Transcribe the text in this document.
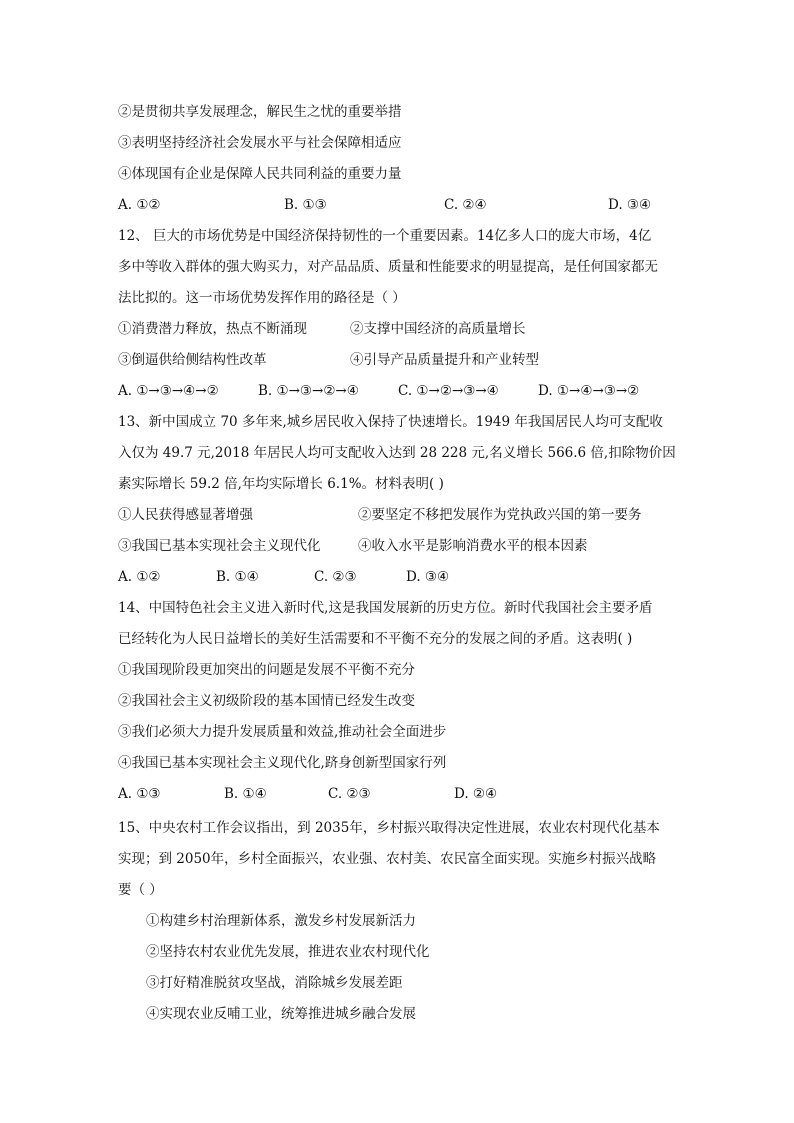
②是贯彻共享发展理念，解民生之忧的重要举措
③表明坚持经济社会发展水平与社会保障相适应
④体现国有企业是保障人民共同利益的重要力量
A. ①②	B. ①③	C. ②④	D. ③④
12、 巨大的市场优势是中国经济保持韧性的一个重要因素。14亿多人口的庞大市场，4亿
多中等收入群体的强大购买力，对产品品质、质量和性能要求的明显提高，是任何国家都无
法比拟的。这一市场优势发挥作用的路径是（ ）
①消费潜力释放，热点不断涌现	②支撑中国经济的高质量增长
③倒逼供给侧结构性改革	④引导产品质量提升和产业转型
A. ①→③→④→②	B. ①→③→②→④	C. ①→②→③→④	D. ①→④→③→②
13、新中国成立 70 多年来,城乡居民收入保持了快速增长。1949 年我国居民人均可支配收
入仅为 49.7 元,2018 年居民人均可支配收入达到 28 228 元,名义增长 566.6 倍,扣除物价因
素实际增长 59.2 倍,年均实际增长 6.1%。材料表明( )
①人民获得感显著增强	②要坚定不移把发展作为党执政兴国的第一要务
③我国已基本实现社会主义现代化	④收入水平是影响消费水平的根本因素
A. ①②	B. ①④	C. ②③	D. ③④
14、中国特色社会主义进入新时代,这是我国发展新的历史方位。新时代我国社会主要矛盾
已经转化为人民日益增长的美好生活需要和不平衡不充分的发展之间的矛盾。这表明( )
①我国现阶段更加突出的问题是发展不平衡不充分
②我国社会主义初级阶段的基本国情已经发生改变
③我们必须大力提升发展质量和效益,推动社会全面进步
④我国已基本实现社会主义现代化,跻身创新型国家行列
A. ①③	B. ①④	C. ②③	D. ②④
15、中央农村工作会议指出，到 2035年，乡村振兴取得决定性进展，农业农村现代化基本
实现；到 2050年，乡村全面振兴，农业强、农村美、农民富全面实现。实施乡村振兴战略
要（ ）
①构建乡村治理新体系，激发乡村发展新活力
②坚持农村农业优先发展，推进农业农村现代化
③打好精准脱贫攻坚战，消除城乡发展差距
④实现农业反哺工业，统筹推进城乡融合发展
